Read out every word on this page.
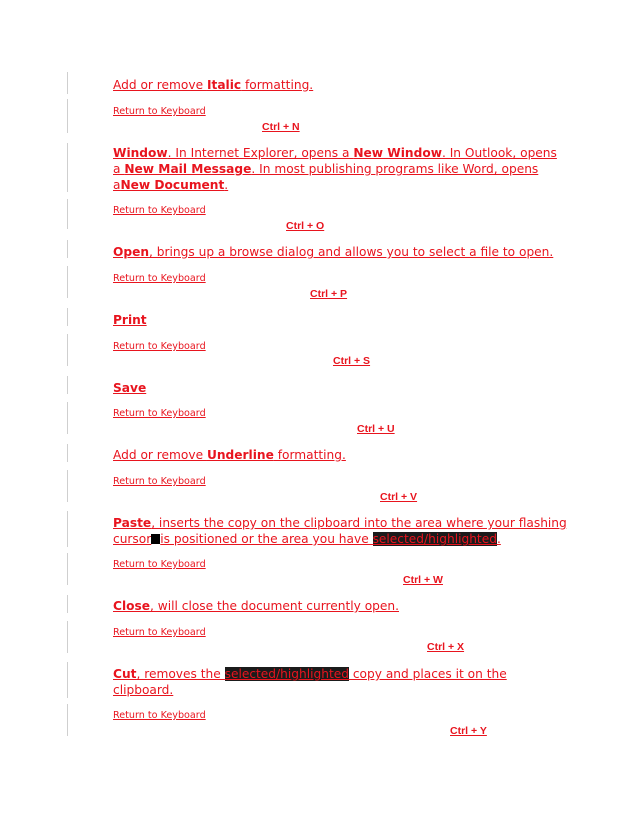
Add or remove Italic formatting.
Return to Keyboard
Ctrl + N
Window. In Internet Explorer, opens a New Window. In Outlook, opens
a New Mail Message. In most publishing programs like Word, opens
aNew Document.
Return to Keyboard
Ctrl + O
Open, brings up a browse dialog and allows you to select a file to open.
Return to Keyboard
Ctrl + P
Print
Return to Keyboard
Ctrl + S
Save
Return to Keyboard
Ctrl + U
Add or remove Underline formatting.
Return to Keyboard
Ctrl + V
Paste, inserts the copy on the clipboard into the area where your flashing
cursor is positioned or the area you have selected/highlighted.
Return to Keyboard
Ctrl + W
Close, will close the document currently open.
Return to Keyboard
Ctrl + X
Cut, removes the selected/highlighted copy and places it on the
clipboard.
Return to Keyboard
Ctrl + Y
